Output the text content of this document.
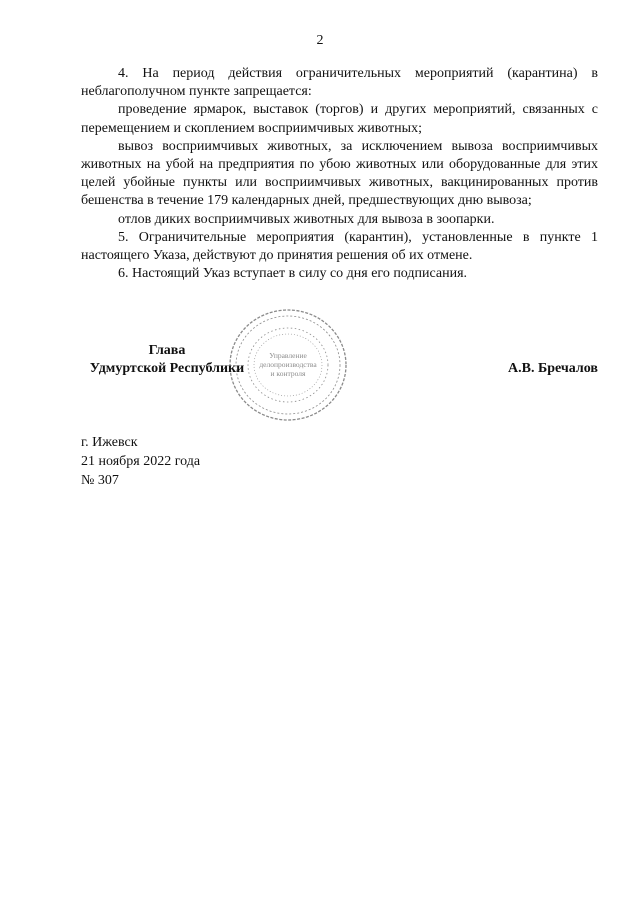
2

4. На период действия ограничительных мероприятий (карантина) в неблагополучном пункте запрещается:

проведение ярмарок, выставок (торгов) и других мероприятий, связанных с перемещением и скоплением восприимчивых животных;

вывоз восприимчивых животных, за исключением вывоза восприимчивых животных на убой на предприятия по убою животных или оборудованные для этих целей убойные пункты или восприимчивых животных, вакцинированных против бешенства в течение 179 календарных дней, предшествующих дню вывоза;

отлов диких восприимчивых животных для вывоза в зоопарки.

5. Ограничительные мероприятия (карантин), установленные в пункте 1 настоящего Указа, действуют до принятия решения об их отмене.

6. Настоящий Указ вступает в силу со дня его подписания.

Управление
делопроизводства
и контроля
Глава
Удмуртской Республики	А.В. Бречалов
г. Ижевск
21 ноября 2022 года
№ 307
